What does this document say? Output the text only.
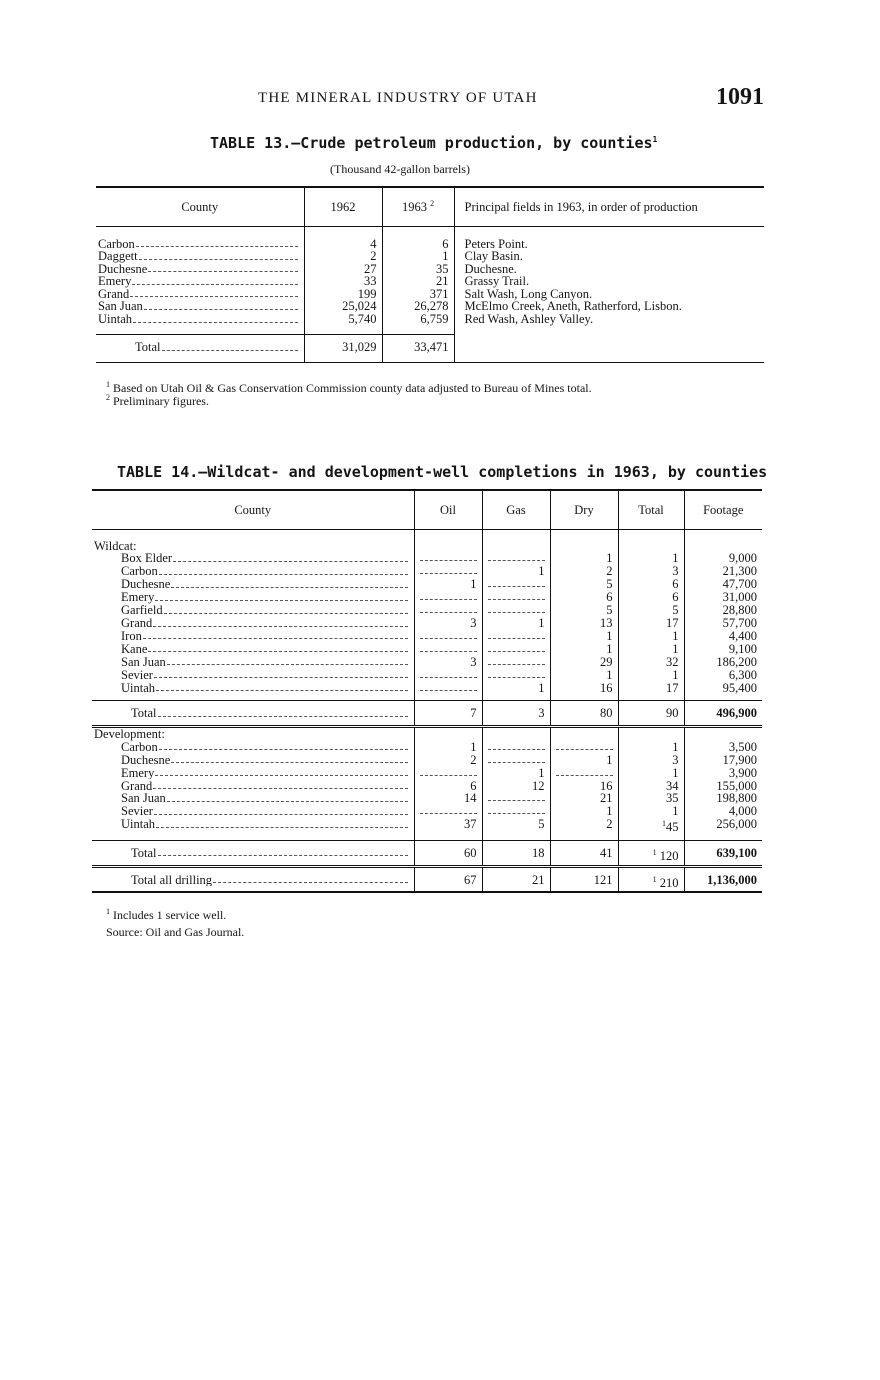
THE MINERAL INDUSTRY OF UTAH	1091
TABLE 13.—Crude petroleum production, by counties$^1$
(Thousand 42-gallon barrels)
County	1962	1963 $^2$	Principal fields in 1963, in order of production

Carbon	4	6	Peters Point.

Daggett	2	1	Clay Basin.

Duchesne	27	35	Duchesne.

Emery	33	21	Grassy Trail.

Grand	199	371	Salt Wash, Long Canyon.

San Juan	25,024	26,278	McElmo Creek, Aneth, Ratherford, Lisbon.

Uintah	5,740	6,759	Red Wash, Ashley Valley.

Total	31,029	33,471	
$^1$ Based on Utah Oil & Gas Conservation Commission county data adjusted to Bureau of Mines total.
$^2$ Preliminary figures.
TABLE 14.—Wildcat- and development-well completions in 1963, by counties
County	Oil	Gas	Dry	Total	Footage

Wildcat:					

Box Elder			1	1	9,000

Carbon		1	2	3	21,300

Duchesne	1		5	6	47,700

Emery			6	6	31,000

Garfield			5	5	28,800

Grand	3	1	13	17	57,700

Iron			1	1	4,400

Kane			1	1	9,100

San Juan	3		29	32	186,200

Sevier			1	1	6,300

Uintah		1	16	17	95,400

Total	7	3	80	90	496,900
Development:					

Carbon	1			1	3,500

Duchesne	2		1	3	17,900

Emery		1		1	3,900

Grand	6	12	16	34	155,000

San Juan	14		21	35	198,800

Sevier			1	1	4,000

Uintah	37	5	2	$^1$45	256,000

Total	60	18	41	$^1$ 120	639,100

Total all drilling	67	21	121	$^1$ 210	1,136,000
$^1$ Includes 1 service well.
Source: Oil and Gas Journal.
